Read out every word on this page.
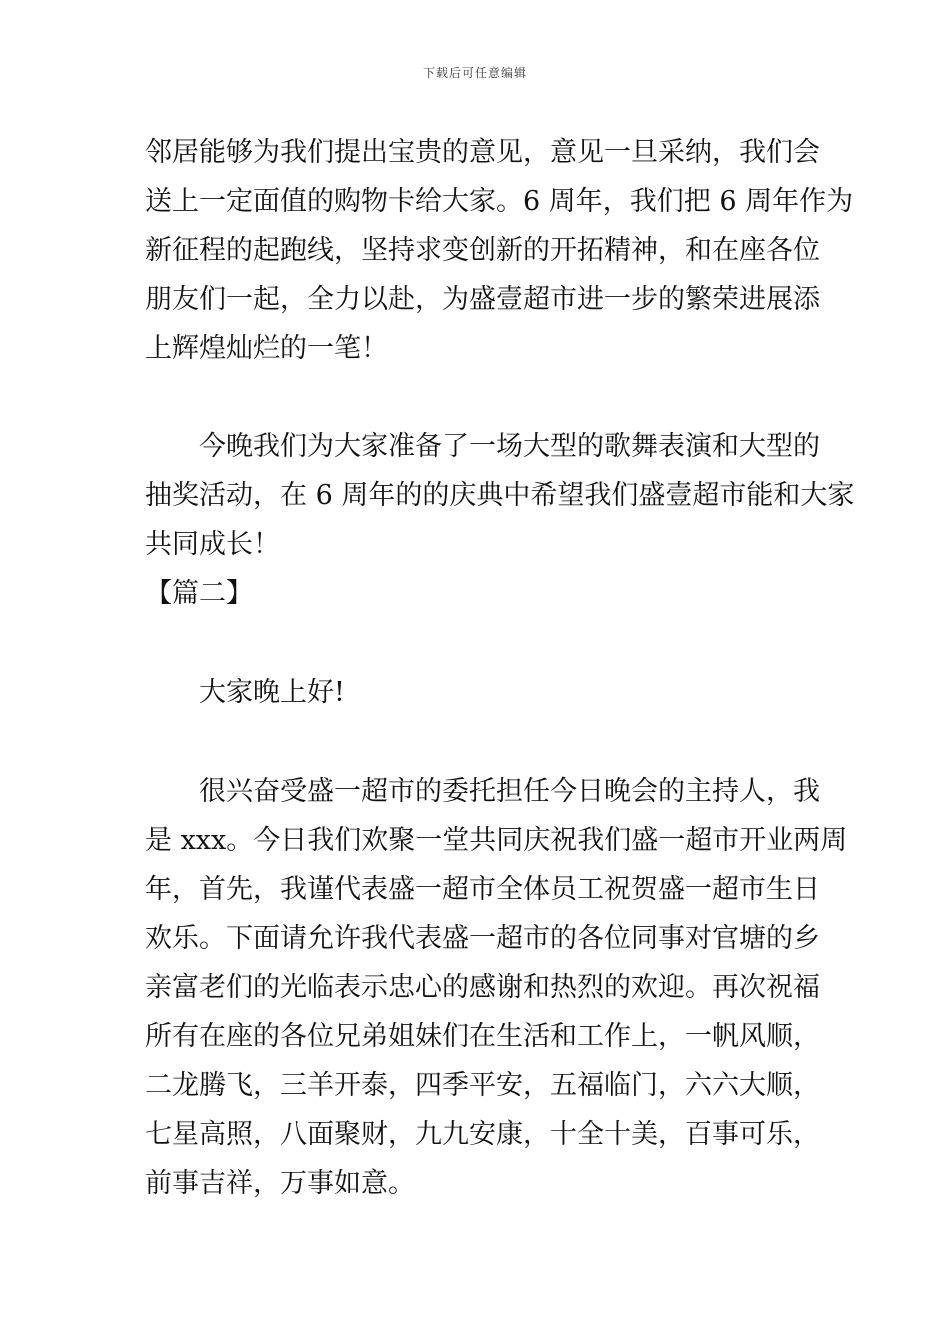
下载后可任意编辑
邻居能够为我们提出宝贵的意见，意见一旦采纳，我们会
送上一定面值的购物卡给大家。6 周年，我们把 6 周年作为
新征程的起跑线，坚持求变创新的开拓精神，和在座各位
朋友们一起，全力以赴，为盛壹超市进一步的繁荣进展添
上辉煌灿烂的一笔！
今晚我们为大家准备了一场大型的歌舞表演和大型的
抽奖活动，在 6 周年的的庆典中希望我们盛壹超市能和大家
共同成长！
【篇二】
大家晚上好!
很兴奋受盛一超市的委托担任今日晚会的主持人，我
是 xxx。今日我们欢聚一堂共同庆祝我们盛一超市开业两周
年，首先，我谨代表盛一超市全体员工祝贺盛一超市生日
欢乐。下面请允许我代表盛一超市的各位同事对官塘的乡
亲富老们的光临表示忠心的感谢和热烈的欢迎。再次祝福
所有在座的各位兄弟姐妹们在生活和工作上，一帆风顺，
二龙腾飞，三羊开泰，四季平安，五福临门，六六大顺，
七星高照，八面聚财，九九安康，十全十美，百事可乐，
前事吉祥，万事如意。
